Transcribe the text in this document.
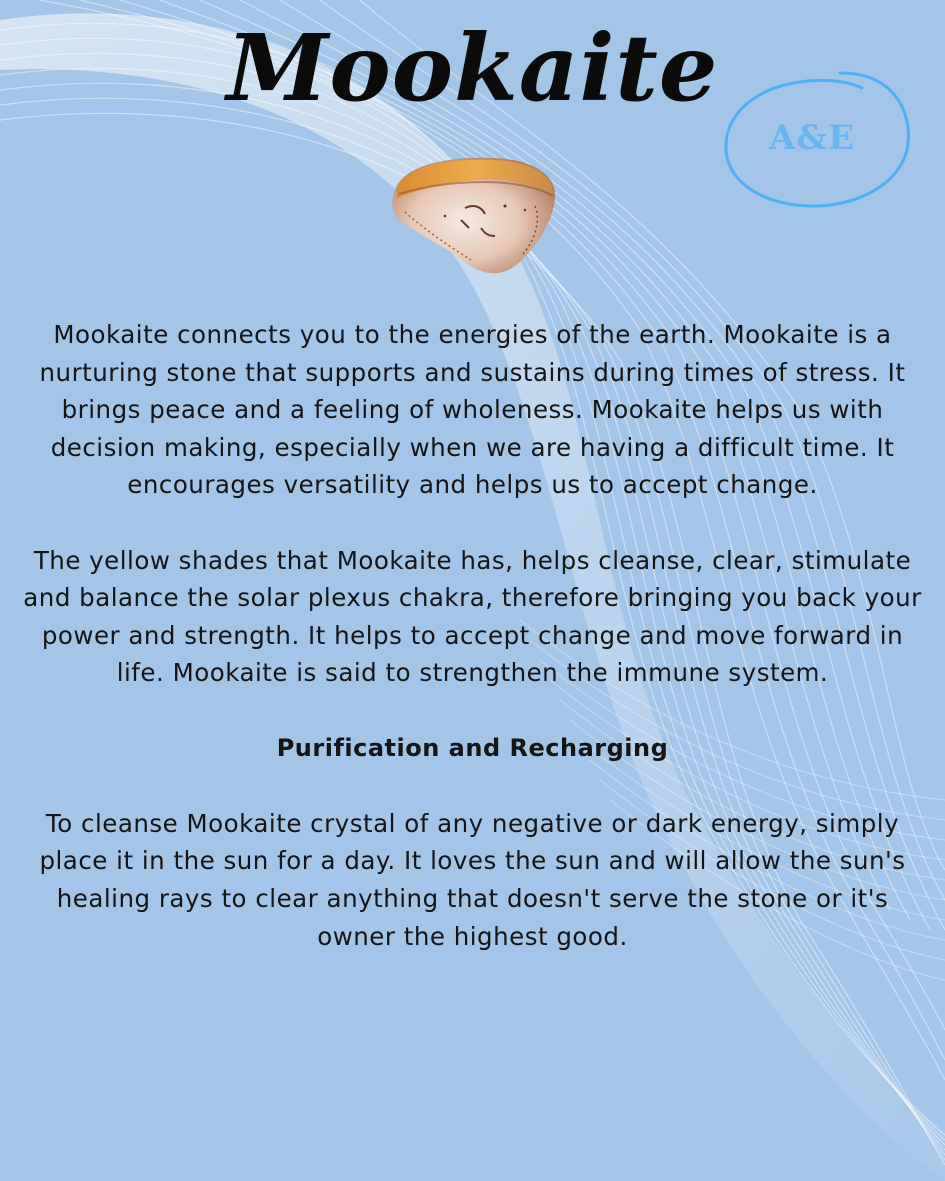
Mookaite
A&E

Mookaite connects you to the energies of the earth. Mookaite is a nurturing stone that supports and sustains during times of stress. It brings peace and a feeling of wholeness. Mookaite helps us with decision making, especially when we are having a difficult time. It encourages versatility and helps us to accept change.

The yellow shades that Mookaite has, helps cleanse, clear, stimulate and balance the solar plexus chakra, therefore bringing you back your power and strength. It helps to accept change and move forward in life. Mookaite is said to strengthen the immune system.

Purification and Recharging

To cleanse Mookaite crystal of any negative or dark energy, simply place it in the sun for a day. It loves the sun and will allow the sun's healing rays to clear anything that doesn't serve the stone or it's owner the highest good.
